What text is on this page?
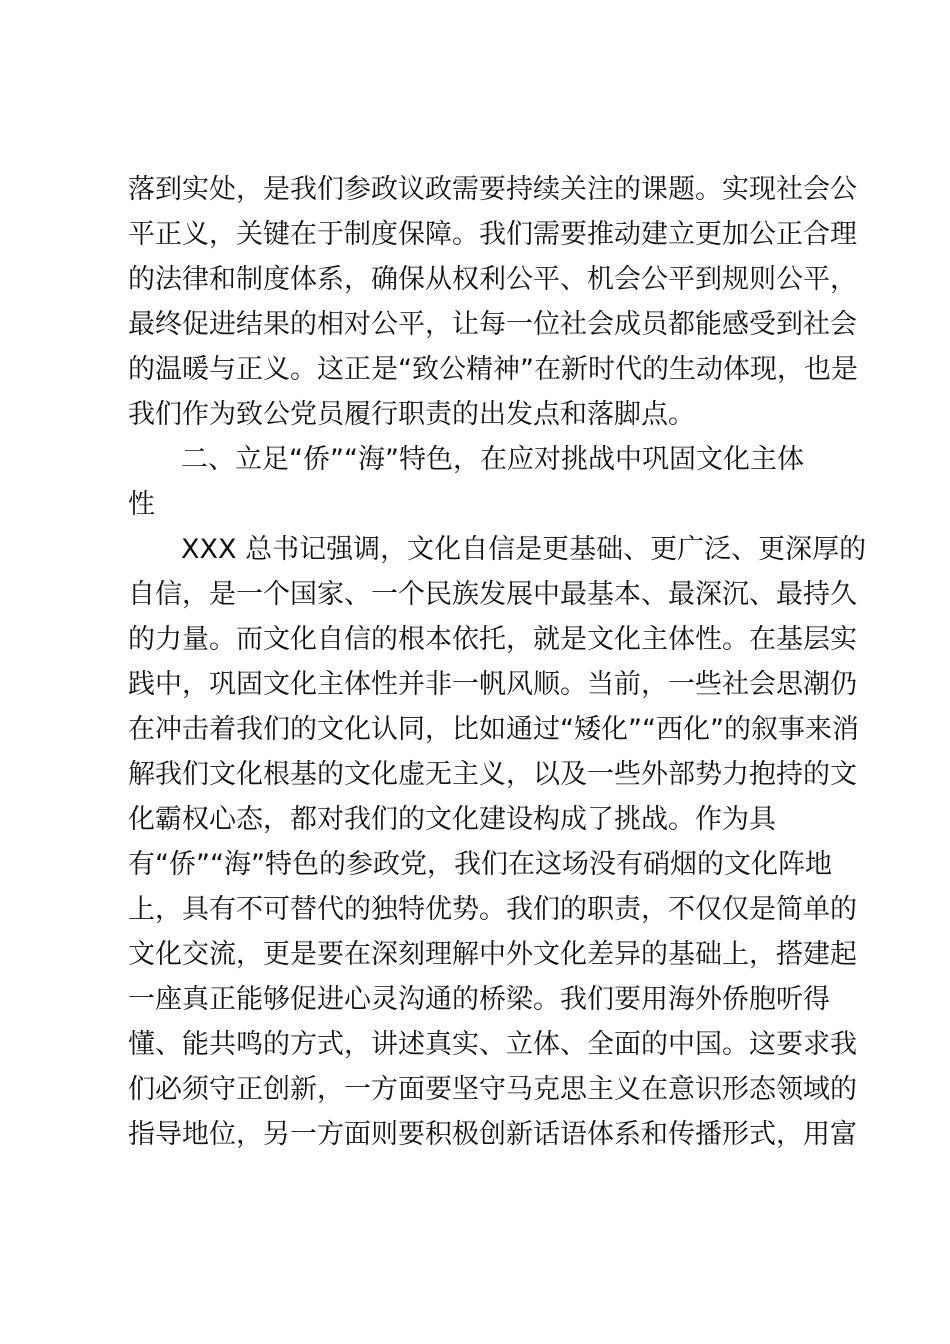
落到实处，是我们参政议政需要持续关注的课题。实现社会公
平正义，关键在于制度保障。我们需要推动建立更加公正合理
的法律和制度体系，确保从权利公平、机会公平到规则公平，
最终促进结果的相对公平，让每一位社会成员都能感受到社会
的温暖与正义。这正是“致公精神”在新时代的生动体现，也是
我们作为致公党员履行职责的出发点和落脚点。
二、立足“侨”“海”特色，在应对挑战中巩固文化主体
性
XXX 总书记强调，文化自信是更基础、更广泛、更深厚的
自信，是一个国家、一个民族发展中最基本、最深沉、最持久
的力量。而文化自信的根本依托，就是文化主体性。在基层实
践中，巩固文化主体性并非一帆风顺。当前，一些社会思潮仍
在冲击着我们的文化认同，比如通过“矮化”“西化”的叙事来消
解我们文化根基的文化虚无主义，以及一些外部势力抱持的文
化霸权心态，都对我们的文化建设构成了挑战。作为具
有“侨”“海”特色的参政党，我们在这场没有硝烟的文化阵地
上，具有不可替代的独特优势。我们的职责，不仅仅是简单的
文化交流，更是要在深刻理解中外文化差异的基础上，搭建起
一座真正能够促进心灵沟通的桥梁。我们要用海外侨胞听得
懂、能共鸣的方式，讲述真实、立体、全面的中国。这要求我
们必须守正创新，一方面要坚守马克思主义在意识形态领域的
指导地位，另一方面则要积极创新话语体系和传播形式，用富
